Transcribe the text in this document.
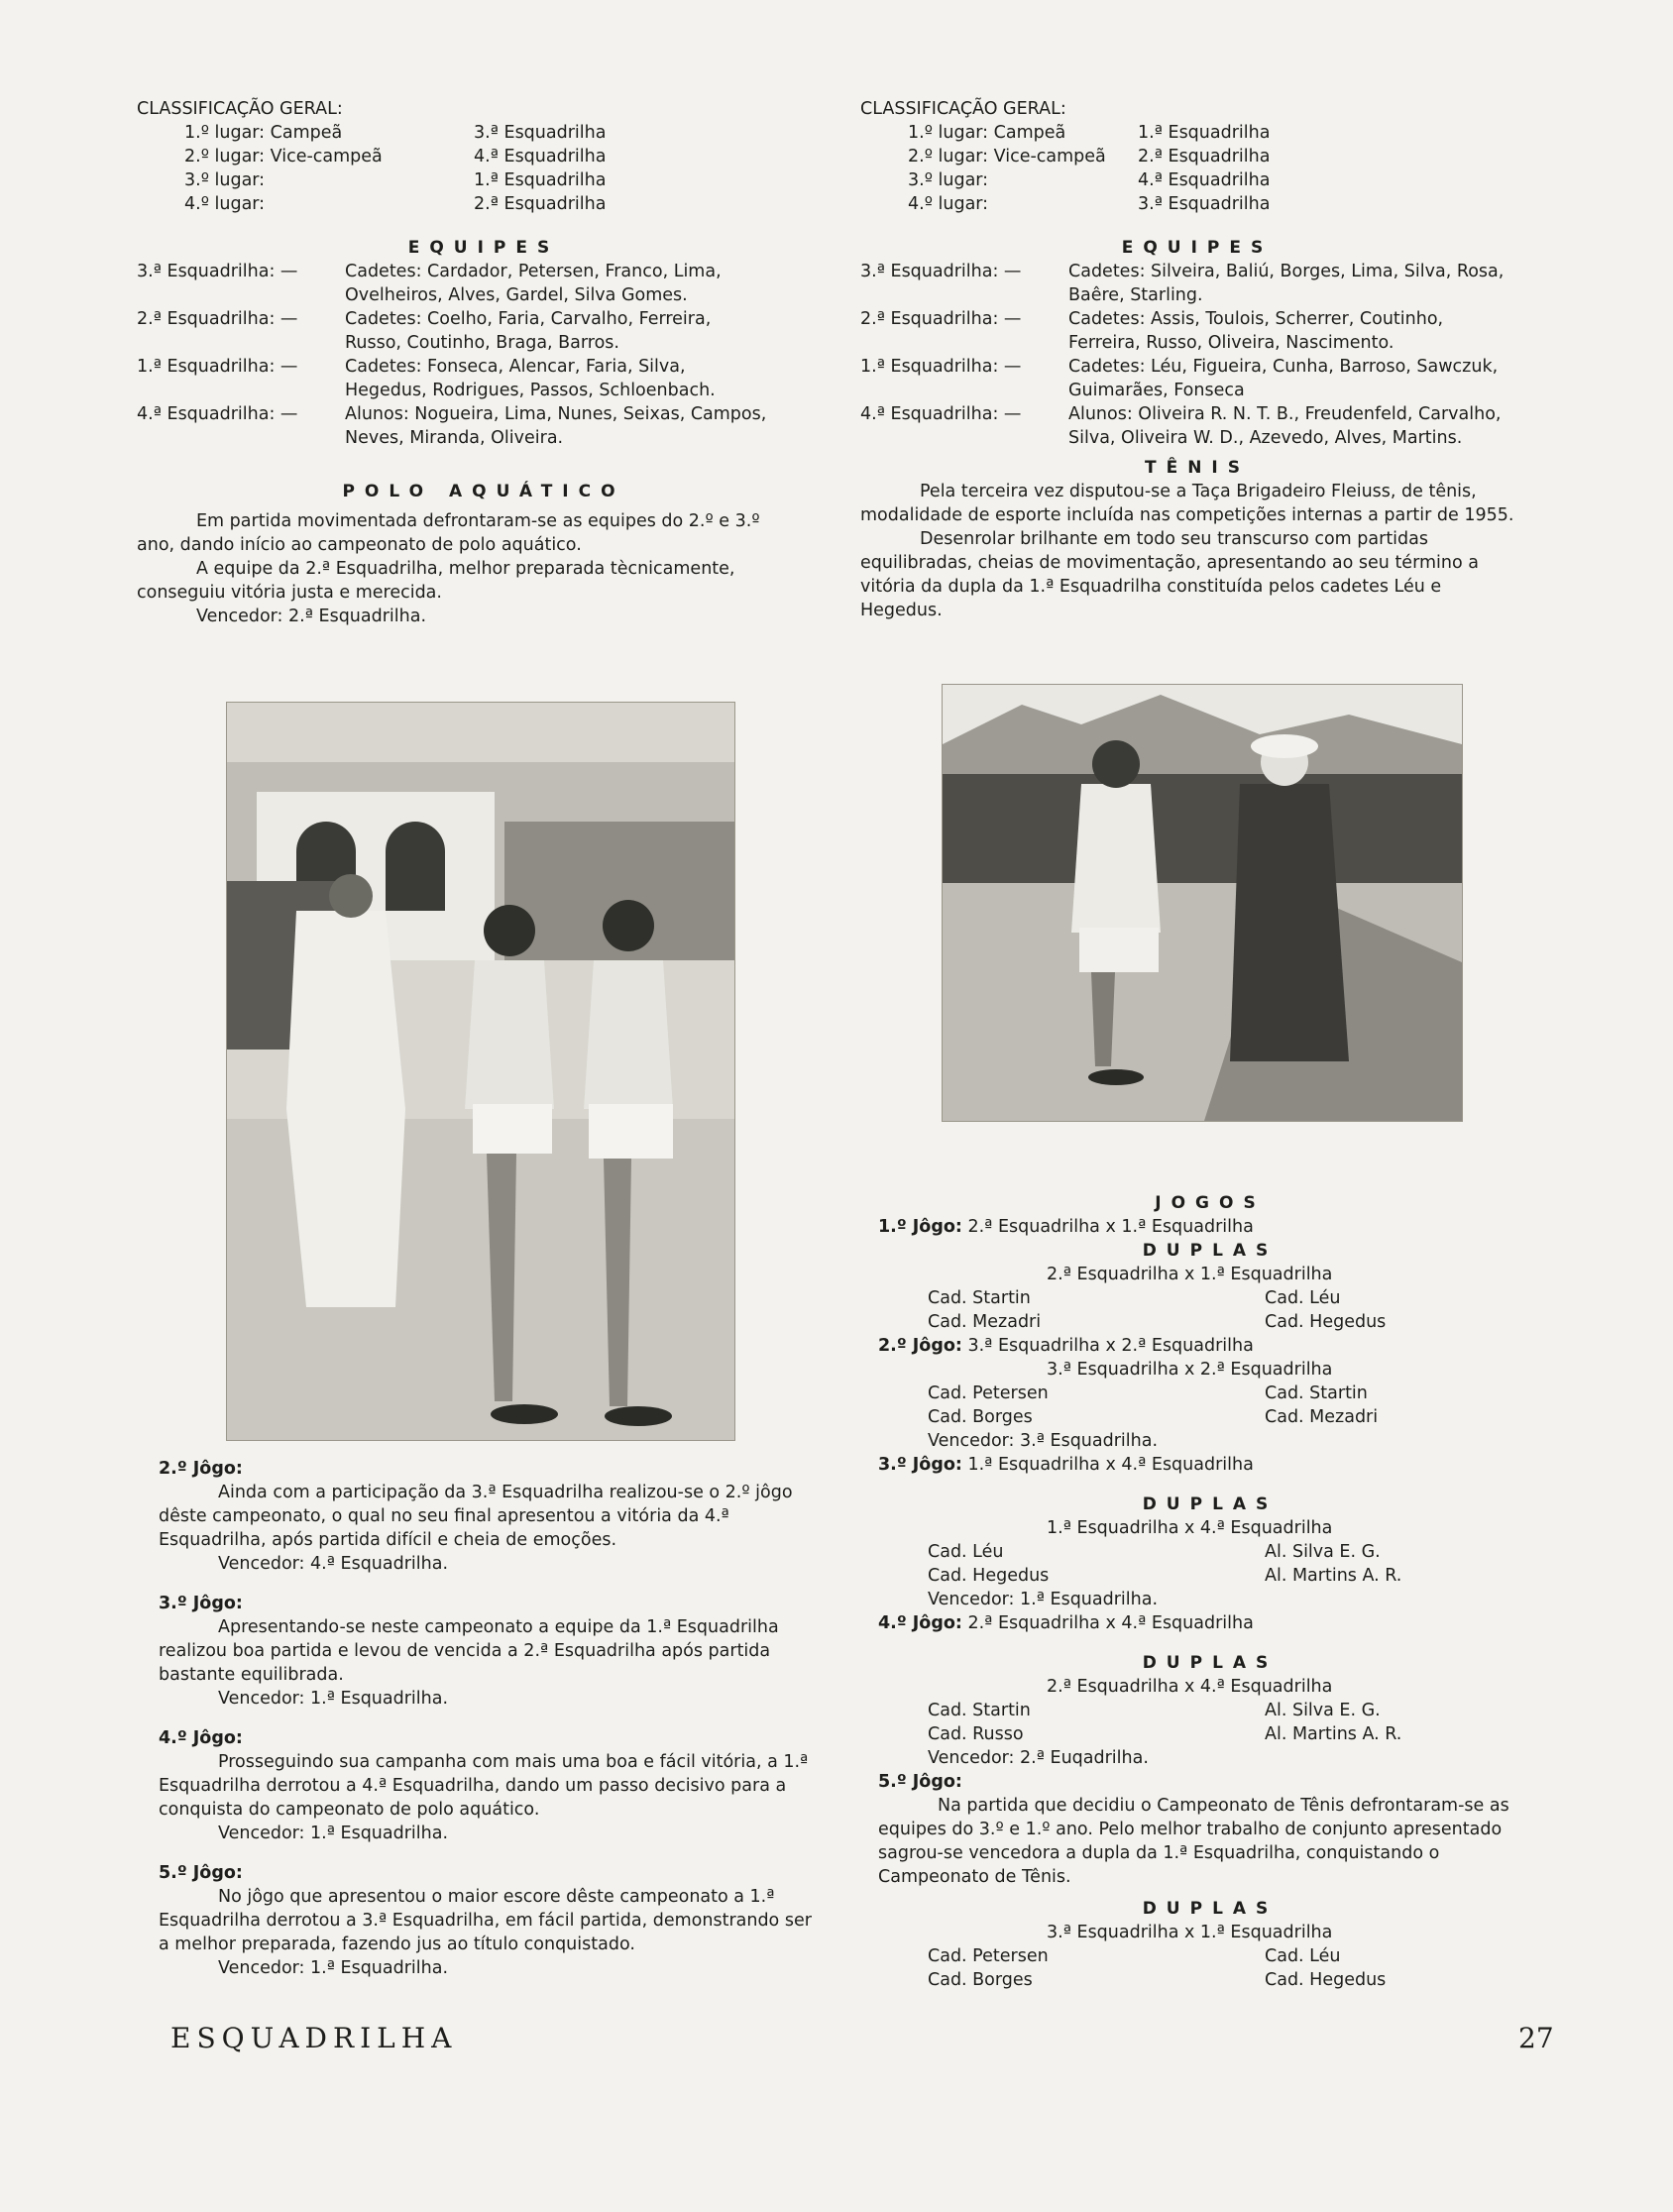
CLASSIFICAÇÃO GERAL:
1.º lugar: Campeã	3.ª Esquadrilha
2.º lugar: Vice-campeã	4.ª Esquadrilha
3.º lugar:	1.ª Esquadrilha
4.º lugar:	2.ª Esquadrilha
EQUIPES
3.ª Esquadrilha: —	Cadetes: Cardador, Petersen, Franco, Lima, Ovelheiros, Alves, Gardel, Silva Gomes.
2.ª Esquadrilha: —	Cadetes: Coelho, Faria, Carvalho, Ferreira, Russo, Coutinho, Braga, Barros.
1.ª Esquadrilha: —	Cadetes: Fonseca, Alencar, Faria, Silva, Hegedus, Rodrigues, Passos, Schloenbach.
4.ª Esquadrilha: —	Alunos: Nogueira, Lima, Nunes, Seixas, Campos, Neves, Miranda, Oliveira.
POLO AQUÁTICO

Em partida movimentada defrontaram-se as equipes do 2.º e 3.º ano, dando início ao campeonato de polo aquático.

A equipe da 2.ª Esquadrilha, melhor preparada tècnicamente, conseguiu vitória justa e merecida.

Vencedor: 2.ª Esquadrilha.

2.º Jôgo:

Ainda com a participação da 3.ª Esquadrilha realizou-se o 2.º jôgo dêste campeonato, o qual no seu final apresentou a vitória da 4.ª Esquadrilha, após partida difícil e cheia de emoções.

Vencedor: 4.ª Esquadrilha.

3.º Jôgo:

Apresentando-se neste campeonato a equipe da 1.ª Esquadrilha realizou boa partida e levou de vencida a 2.ª Esquadrilha após partida bastante equilibrada.

Vencedor: 1.ª Esquadrilha.

4.º Jôgo:

Prosseguindo sua campanha com mais uma boa e fácil vitória, a 1.ª Esquadrilha derrotou a 4.ª Esquadrilha, dando um passo decisivo para a conquista do campeonato de polo aquático.

Vencedor: 1.ª Esquadrilha.

5.º Jôgo:

No jôgo que apresentou o maior escore dêste campeonato a 1.ª Esquadrilha derrotou a 3.ª Esquadrilha, em fácil partida, demonstrando ser a melhor preparada, fazendo jus ao título conquistado.

Vencedor: 1.ª Esquadrilha.

CLASSIFICAÇÃO GERAL:
1.º lugar: Campeã	1.ª Esquadrilha
2.º lugar: Vice-campeã	2.ª Esquadrilha
3.º lugar:	4.ª Esquadrilha
4.º lugar:	3.ª Esquadrilha
EQUIPES
3.ª Esquadrilha: —	Cadetes: Silveira, Baliú, Borges, Lima, Silva, Rosa, Baêre, Starling.
2.ª Esquadrilha: —	Cadetes: Assis, Toulois, Scherrer, Coutinho, Ferreira, Russo, Oliveira, Nascimento.
1.ª Esquadrilha: —	Cadetes: Léu, Figueira, Cunha, Barroso, Sawczuk, Guimarães, Fonseca
4.ª Esquadrilha: —	Alunos: Oliveira R. N. T. B., Freudenfeld, Carvalho, Silva, Oliveira W. D., Azevedo, Alves, Martins.
TÊNIS

Pela terceira vez disputou-se a Taça Brigadeiro Fleiuss, de tênis, modalidade de esporte incluída nas competições internas a partir de 1955.

Desenrolar brilhante em todo seu transcurso com partidas equilibradas, cheias de movimentação, apresentando ao seu término a vitória da dupla da 1.ª Esquadrilha constituída pelos cadetes Léu e Hegedus.

JOGOS
1.º Jôgo: 2.ª Esquadrilha x 1.ª Esquadrilha
DUPLAS
2.ª Esquadrilha x 1.ª Esquadrilha
Cad. Startin	Cad. Léu
Cad. Mezadri	Cad. Hegedus
2.º Jôgo: 3.ª Esquadrilha x 2.ª Esquadrilha
3.ª Esquadrilha x 2.ª Esquadrilha
Cad. Petersen	Cad. Startin
Cad. Borges	Cad. Mezadri
Vencedor: 3.ª Esquadrilha.
3.º Jôgo: 1.ª Esquadrilha x 4.ª Esquadrilha
DUPLAS
1.ª Esquadrilha x 4.ª Esquadrilha
Cad. Léu	Al. Silva E. G.
Cad. Hegedus	Al. Martins A. R.
Vencedor: 1.ª Esquadrilha.
4.º Jôgo: 2.ª Esquadrilha x 4.ª Esquadrilha
DUPLAS
2.ª Esquadrilha x 4.ª Esquadrilha
Cad. Startin	Al. Silva E. G.
Cad. Russo	Al. Martins A. R.
Vencedor: 2.ª Euqadrilha.
5.º Jôgo:

Na partida que decidiu o Campeonato de Tênis defrontaram-se as equipes do 3.º e 1.º ano. Pelo melhor trabalho de conjunto apresentado sagrou-se vencedora a dupla da 1.ª Esquadrilha, conquistando o Campeonato de Tênis.

DUPLAS
3.ª Esquadrilha x 1.ª Esquadrilha
Cad. Petersen	Cad. Léu
Cad. Borges	Cad. Hegedus
ESQUADRILHA	27
